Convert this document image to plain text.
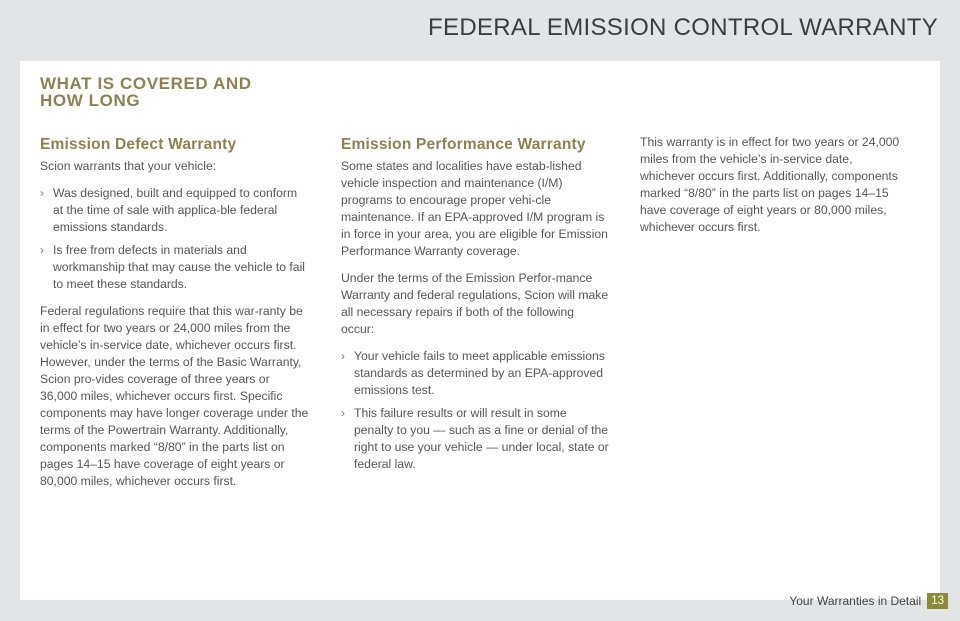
FEDERAL EMISSION CONTROL WARRANTY
WHAT IS COVERED AND
HOW LONG
Emission Defect Warranty

Scion warrants that your vehicle:

› Was designed, built and equipped to conform at the time of sale with applica-ble federal emissions standards.
› Is free from defects in materials and workmanship that may cause the vehicle to fail to meet these standards.

Federal regulations require that this war-ranty be in effect for two years or 24,000 miles from the vehicle’s in-service date, whichever occurs first. However, under the terms of the Basic Warranty, Scion pro-vides coverage of three years or 36,000 miles, whichever occurs first. Specific components may have longer coverage under the terms of the Powertrain Warranty. Additionally, components marked “8/80” in the parts list on pages 14–15 have coverage of eight years or 80,000 miles, whichever occurs first.

Emission Performance Warranty

Some states and localities have estab-lished vehicle inspection and maintenance (I/M) programs to encourage proper vehi-cle maintenance. If an EPA-approved I/M program is in force in your area, you are eligible for Emission Performance Warranty coverage.

Under the terms of the Emission Perfor-mance Warranty and federal regulations, Scion will make all necessary repairs if both of the following occur:

› Your vehicle fails to meet applicable emissions standards as determined by an EPA-approved emissions test.
› This failure results or will result in some penalty to you — such as a fine or denial of the right to use your vehicle — under local, state or federal law.

This warranty is in effect for two years or 24,000 miles from the vehicle’s in-service date, whichever occurs first. Additionally, components marked “8/80” in the parts list on pages 14–15 have coverage of eight years or 80,000 miles, whichever occurs first.

Your Warranties in Detail 13
